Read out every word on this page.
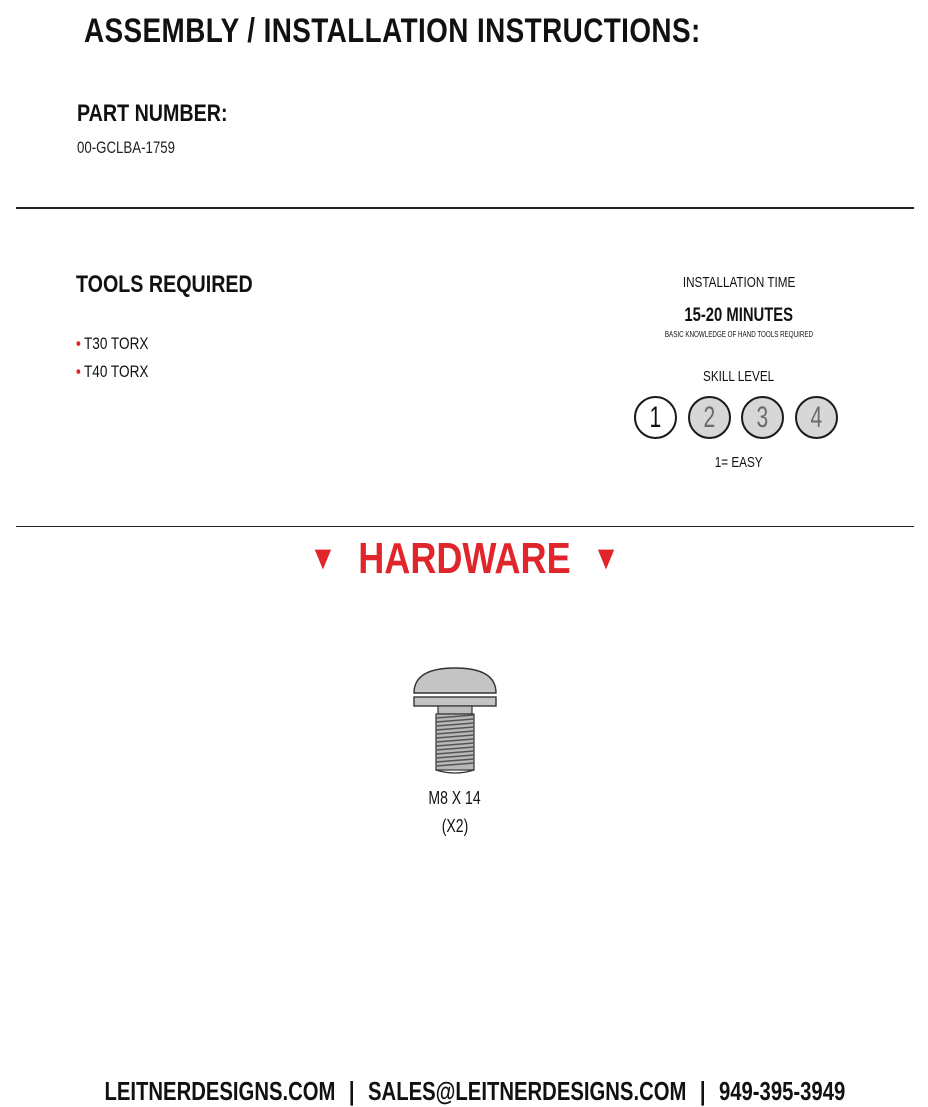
ASSEMBLY / INSTALLATION INSTRUCTIONS:
PART NUMBER:
00-GCLBA-1759
TOOLS REQUIRED
• T30 TORX
• T40 TORX
INSTALLATION TIME
15-20 MINUTES
BASIC KNOWLEDGE OF HAND TOOLS REQUIRED
SKILL LEVEL
1	2	3	4
1= EASY
▼ HARDWARE ▼
M8 X 14
(X2)
LEITNERDESIGNS.COM | SALES@LEITNERDESIGNS.COM | 949-395-3949
